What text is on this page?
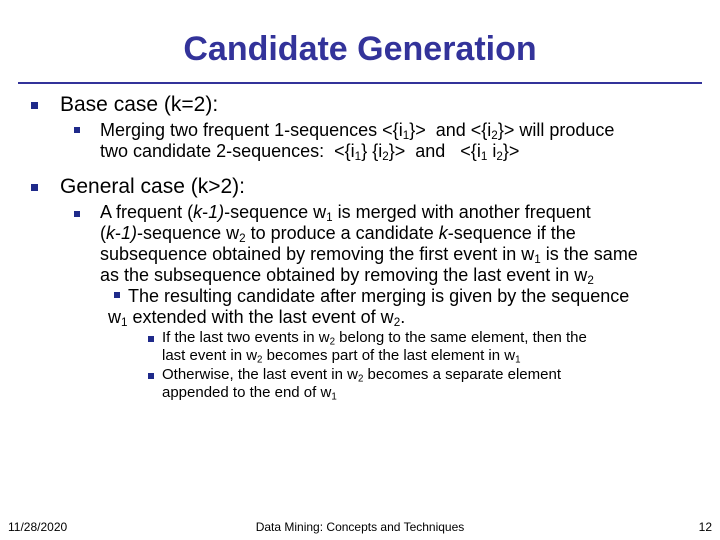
Candidate Generation
Base case (k=2):
Merging two frequent 1-sequences $<\{i_1\}>$  and $<\{i_2\}>$ will produce
two candidate 2-sequences:  $<\{i_1\}$ $\{i_2\}>$  and   $<\{i_1$ $i_2\}>$
General case (k>2):
A frequent (k-1)-sequence $w_1$ is merged with another frequent
(k-1)-sequence $w_2$ to produce a candidate k-sequence if the
subsequence obtained by removing the first event in $w_1$ is the same
as the subsequence obtained by removing the last event in $w_2$
The resulting candidate after merging is given by the sequence
$w_1$ extended with the last event of $w_2$.
If the last two events in $w_2$ belong to the same element, then the
last event in $w_2$ becomes part of the last element in $w_1$
Otherwise, the last event in $w_2$ becomes a separate element
appended to the end of $w_1$
11/28/2020	Data Mining: Concepts and Techniques	12
